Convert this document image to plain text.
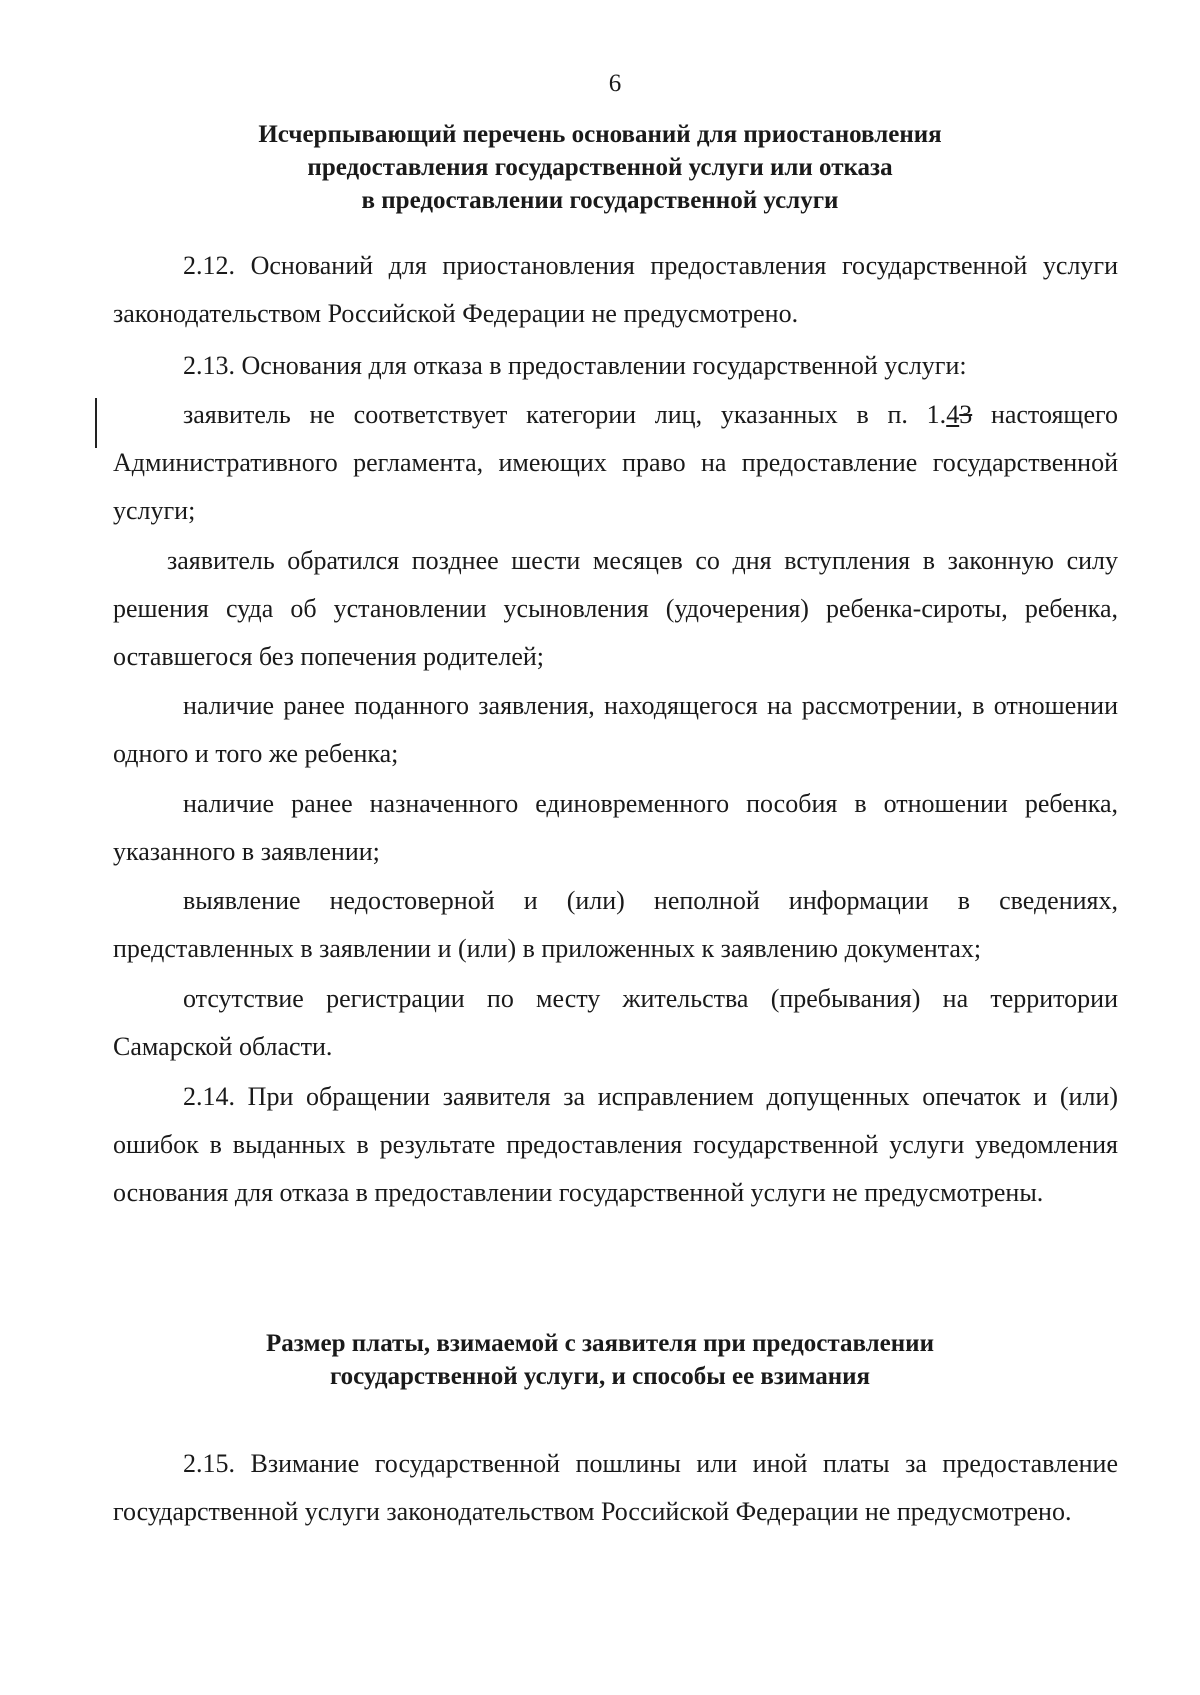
6
Исчерпывающий перечень оснований для приостановления
предоставления государственной услуги или отказа
в предоставлении государственной услуги

2.12. Оснований для приостановления предоставления государственной услуги законодательством Российской Федерации не предусмотрено.

2.13. Основания для отказа в предоставлении государственной услуги:

заявитель не соответствует категории лиц, указанных в п. 1.43 настоящего Административного регламента, имеющих право на предоставление государственной услуги;

заявитель обратился позднее шести месяцев со дня вступления в законную силу решения суда об установлении усыновления (удочерения) ребенка-сироты, ребенка, оставшегося без попечения родителей;

наличие ранее поданного заявления, находящегося на рассмотрении, в отношении одного и того же ребенка;

наличие ранее назначенного единовременного пособия в отношении ребенка, указанного в заявлении;

выявление недостоверной и (или) неполной информации в сведениях, представленных в заявлении и (или) в приложенных к заявлению документах;

отсутствие регистрации по месту жительства (пребывания) на территории Самарской области.

2.14. При обращении заявителя за исправлением допущенных опечаток и (или) ошибок в выданных в результате предоставления государственной услуги уведомления основания для отказа в предоставлении государственной услуги не предусмотрены.

Размер платы, взимаемой с заявителя при предоставлении
государственной услуги, и способы ее взимания

2.15. Взимание государственной пошлины или иной платы за предоставление государственной услуги законодательством Российской Федерации не предусмотрено.
